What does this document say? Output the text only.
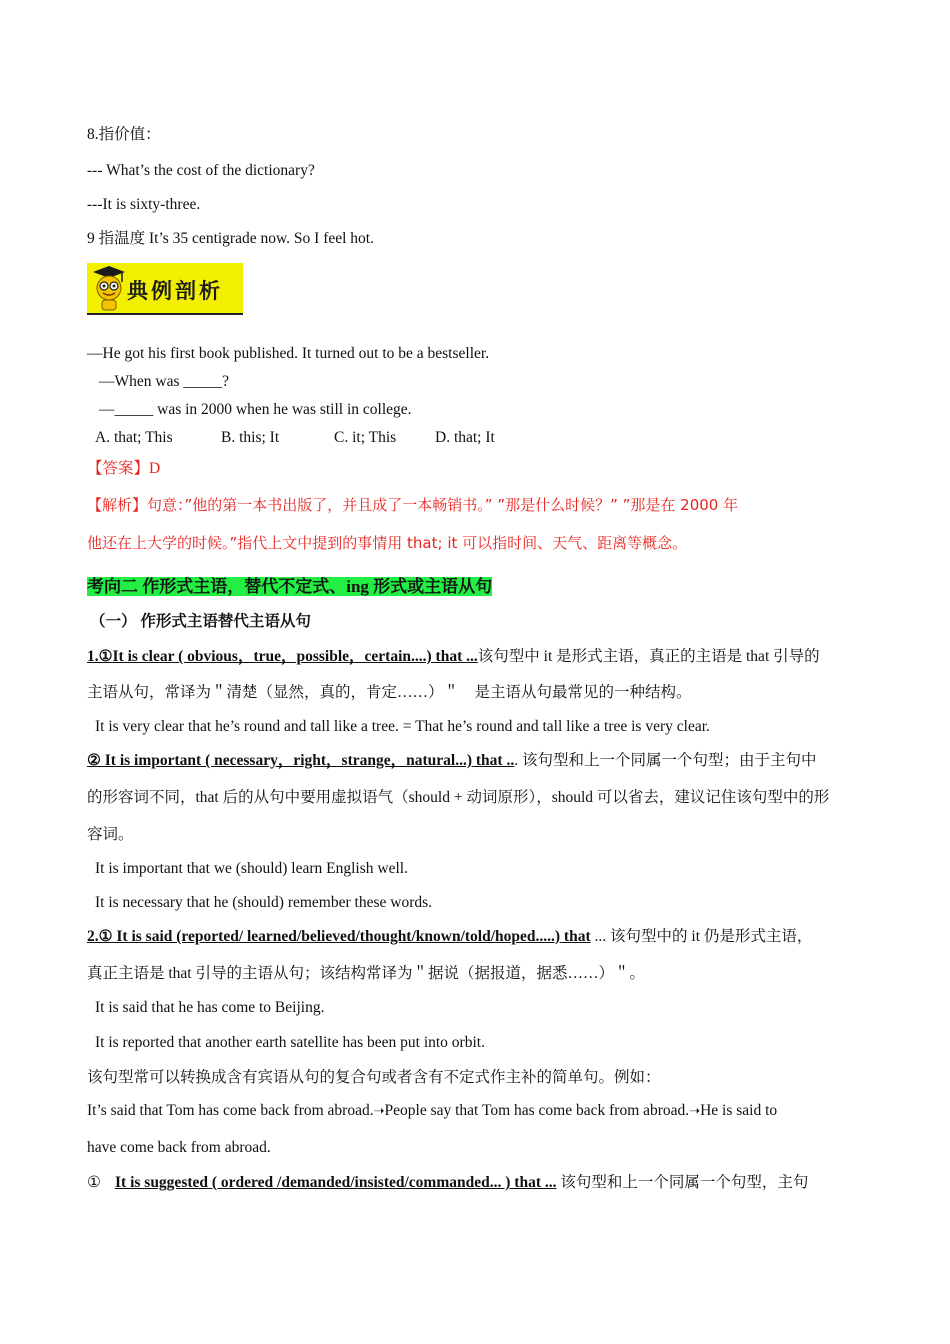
8.指价值：
--- What’s the cost of the dictionary?
---It is sixty-three.
9 指温度 It’s 35 centigrade now. So I feel hot.
典例剖析
—He got his first book published. It turned out to be a bestseller.
—When was _____?
—_____ was in 2000 when he was still in college.
A. that; This	B. this; It	C. it; This	D. that; It
【答案】D
【解析】句意：”他的第一本书出版了，并且成了一本畅销书。” ”那是什么时候？” ”那是在 2000 年
他还在上大学的时候。”指代上文中提到的事情用 that; it 可以指时间、天气、距离等概念。
考向二 作形式主语，替代不定式、ing 形式或主语从句
（一） 作形式主语替代主语从句
1.①It is clear ( obvious，true，possible，certain....) that ...该句型中 it 是形式主语，真正的主语是 that 引导的
主语从句，常译为＂清楚（显然，真的，肯定……）＂　是主语从句最常见的一种结构。
It is very clear that he’s round and tall like a tree. = That he’s round and tall like a tree is very clear.
② It is important ( necessary，right，strange，natural...) that ... 该句型和上一个同属一个句型；由于主句中
的形容词不同，that 后的从句中要用虚拟语气（should + 动词原形），should 可以省去，建议记住该句型中的形
容词。
It is important that we (should) learn English well.
It is necessary that he (should) remember these words.
2.① It is said (reported/ learned/believed/thought/known/told/hoped.....) that ... 该句型中的 it 仍是形式主语，
真正主语是 that 引导的主语从句；该结构常译为＂据说（据报道，据悉……）＂。
It is said that he has come to Beijing.
It is reported that another earth satellite has been put into orbit.
该句型常可以转换成含有宾语从句的复合句或者含有不定式作主补的简单句。例如：
It’s said that Tom has come back from abroad.➝People say that Tom has come back from abroad.➝He is said to
have come back from abroad.
① It is suggested ( ordered /demanded/insisted/commanded... ) that ... 该句型和上一个同属一个句型，主句
